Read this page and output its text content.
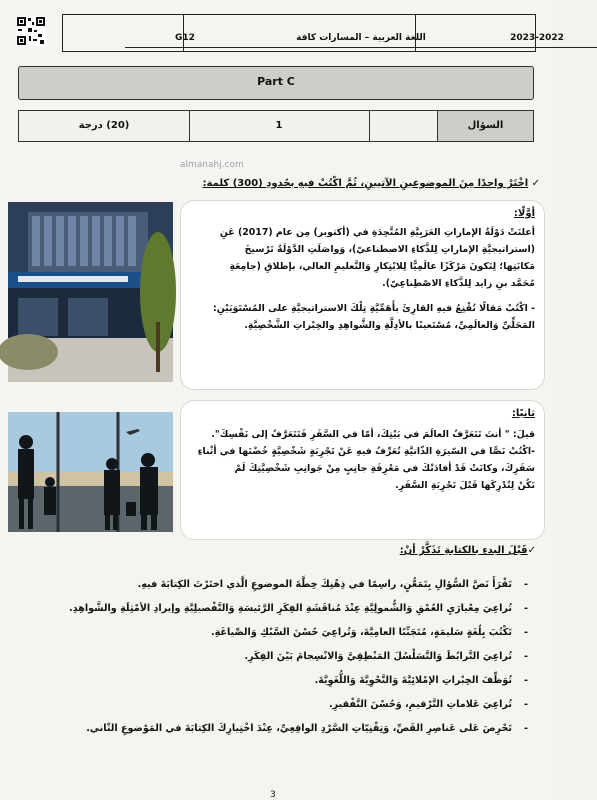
G12	اللغة العربية – المسارات كافة	2023-2022
Part C
(20) درجة	1	السؤال
almanahj.com
✓ اخْتَرْ واحدًا مِنَ الموضوعينِ الآتيينِ، ثُمَّ اكْتُبْ فيهِ بحُدودِ (300) كلمة:
أوَّلًا:
أعلنَتْ دَوْلَةُ الإماراتِ العَرَبِيَّةِ المُتَّحِدَةِ في (أكتوبر) مِن عام (2017) عَنِ
(استراتيجيَّةِ الإماراتِ لِلذَّكاءِ الاصطناعيّ)، وَواصَلَتِ الدَّوْلَةُ تَرْسيخَ
مَكانَتِها؛ لِتَكونَ مَرْكَزًا عالَمِيًّا لِلابْتِكارِ وَالتَّعليمِ العالي، بإطلاقِ (جامِعَةِ
مُحَمَّد بنِ زايد لِلذَّكاءِ الاصْطِناعِيّ).
- اكْتُبْ مَقالًا تُقْنِعُ فيهِ القارِئَ بأَهَمِّيَّةِ تِلْكَ الاستراتيجيَّةِ على المُسْتَوَيَيْنِ:
المَحَلِّيِّ وَالعالَمِيِّ، مُسْتَعينًا بالأدِلَّةِ والشَّواهِدِ والخِبْراتِ الشَّخْصِيَّةِ.
ثانيًا:
قيلَ: " أنتَ تَتَعَرَّفُ العالَمَ في بَيْتِكَ، أمّا في السَّفَرِ فَتَتَعَرَّفُ إلى نَفْسِكَ".
-اكْتُبْ نَصًّا في السّيرَةِ الذّاتيَّةِ تُعَرِّفُ فيهِ عَنْ تَجْرِبَةٍ شَخْصِيَّةٍ خُضْتَها في أثْناءِ
سَفَرِكَ، وكانَتْ قَدْ أفادَتْكَ في مَعْرِفَةِ جانِبٍ مِنْ جَوانِبِ شَخْصِيَّتِكَ لَمْ
تَكُنْ لِتُدْرِكَها قَبْلَ تَجْرِبَةِ السَّفَرِ.
✓قَبْلَ البدءِ بالكتابةِ تَذَكَّرْ أنْ:
- تَقْرَأَ نَصَّ السُّؤالِ بِتَمَعُّنٍ، راسِمًا في ذِهْنِكَ خِطَّةَ الموضوعِ الَّذي اختَرْتَ الكِتابَةَ فيهِ.
- تُراعِيَ مِعْيارَيِ العُمْقِ وَالشُّمولِيَّةِ عِنْدَ مُناقَشَةِ الفِكَرِ الرَّئيسَةِ وَالتَّفْصيلِيَّةِ وإيرادِ الأمْثِلَةِ والشَّواهِدِ.
- تَكْتُبَ بِلُغَةٍ سَليمَةٍ، مُتَجَنِّبًا العامِيَّةَ، وَتُراعِيَ حُسْنَ السَّبْكِ وَالصِّياغَةِ.
- تُراعِيَ التَّرابُطَ وَالتَّسَلْسُلَ المَنْطِقِيَّ وَالانْسِجامَ بَيْنَ الفِكَرِ.
- تُوَظِّفَ الخِبْراتِ الإمْلائِيَّةَ وَالنَّحْوِيَّةَ وَاللُّغَوِيَّةَ.
- تُراعِيَ عَلاماتِ التَّرْقيمِ، وَحُسْنَ التَّفْقيرِ.
- تَحْرِصَ عَلى عَناصِرِ القَصِّ، وَتِقْنِيّاتِ السَّرْدِ الواقِعِيِّ، عِنْدَ اخْتِيارِكَ الكِتابَةَ في المَوْضوعِ الثّاني.
3
